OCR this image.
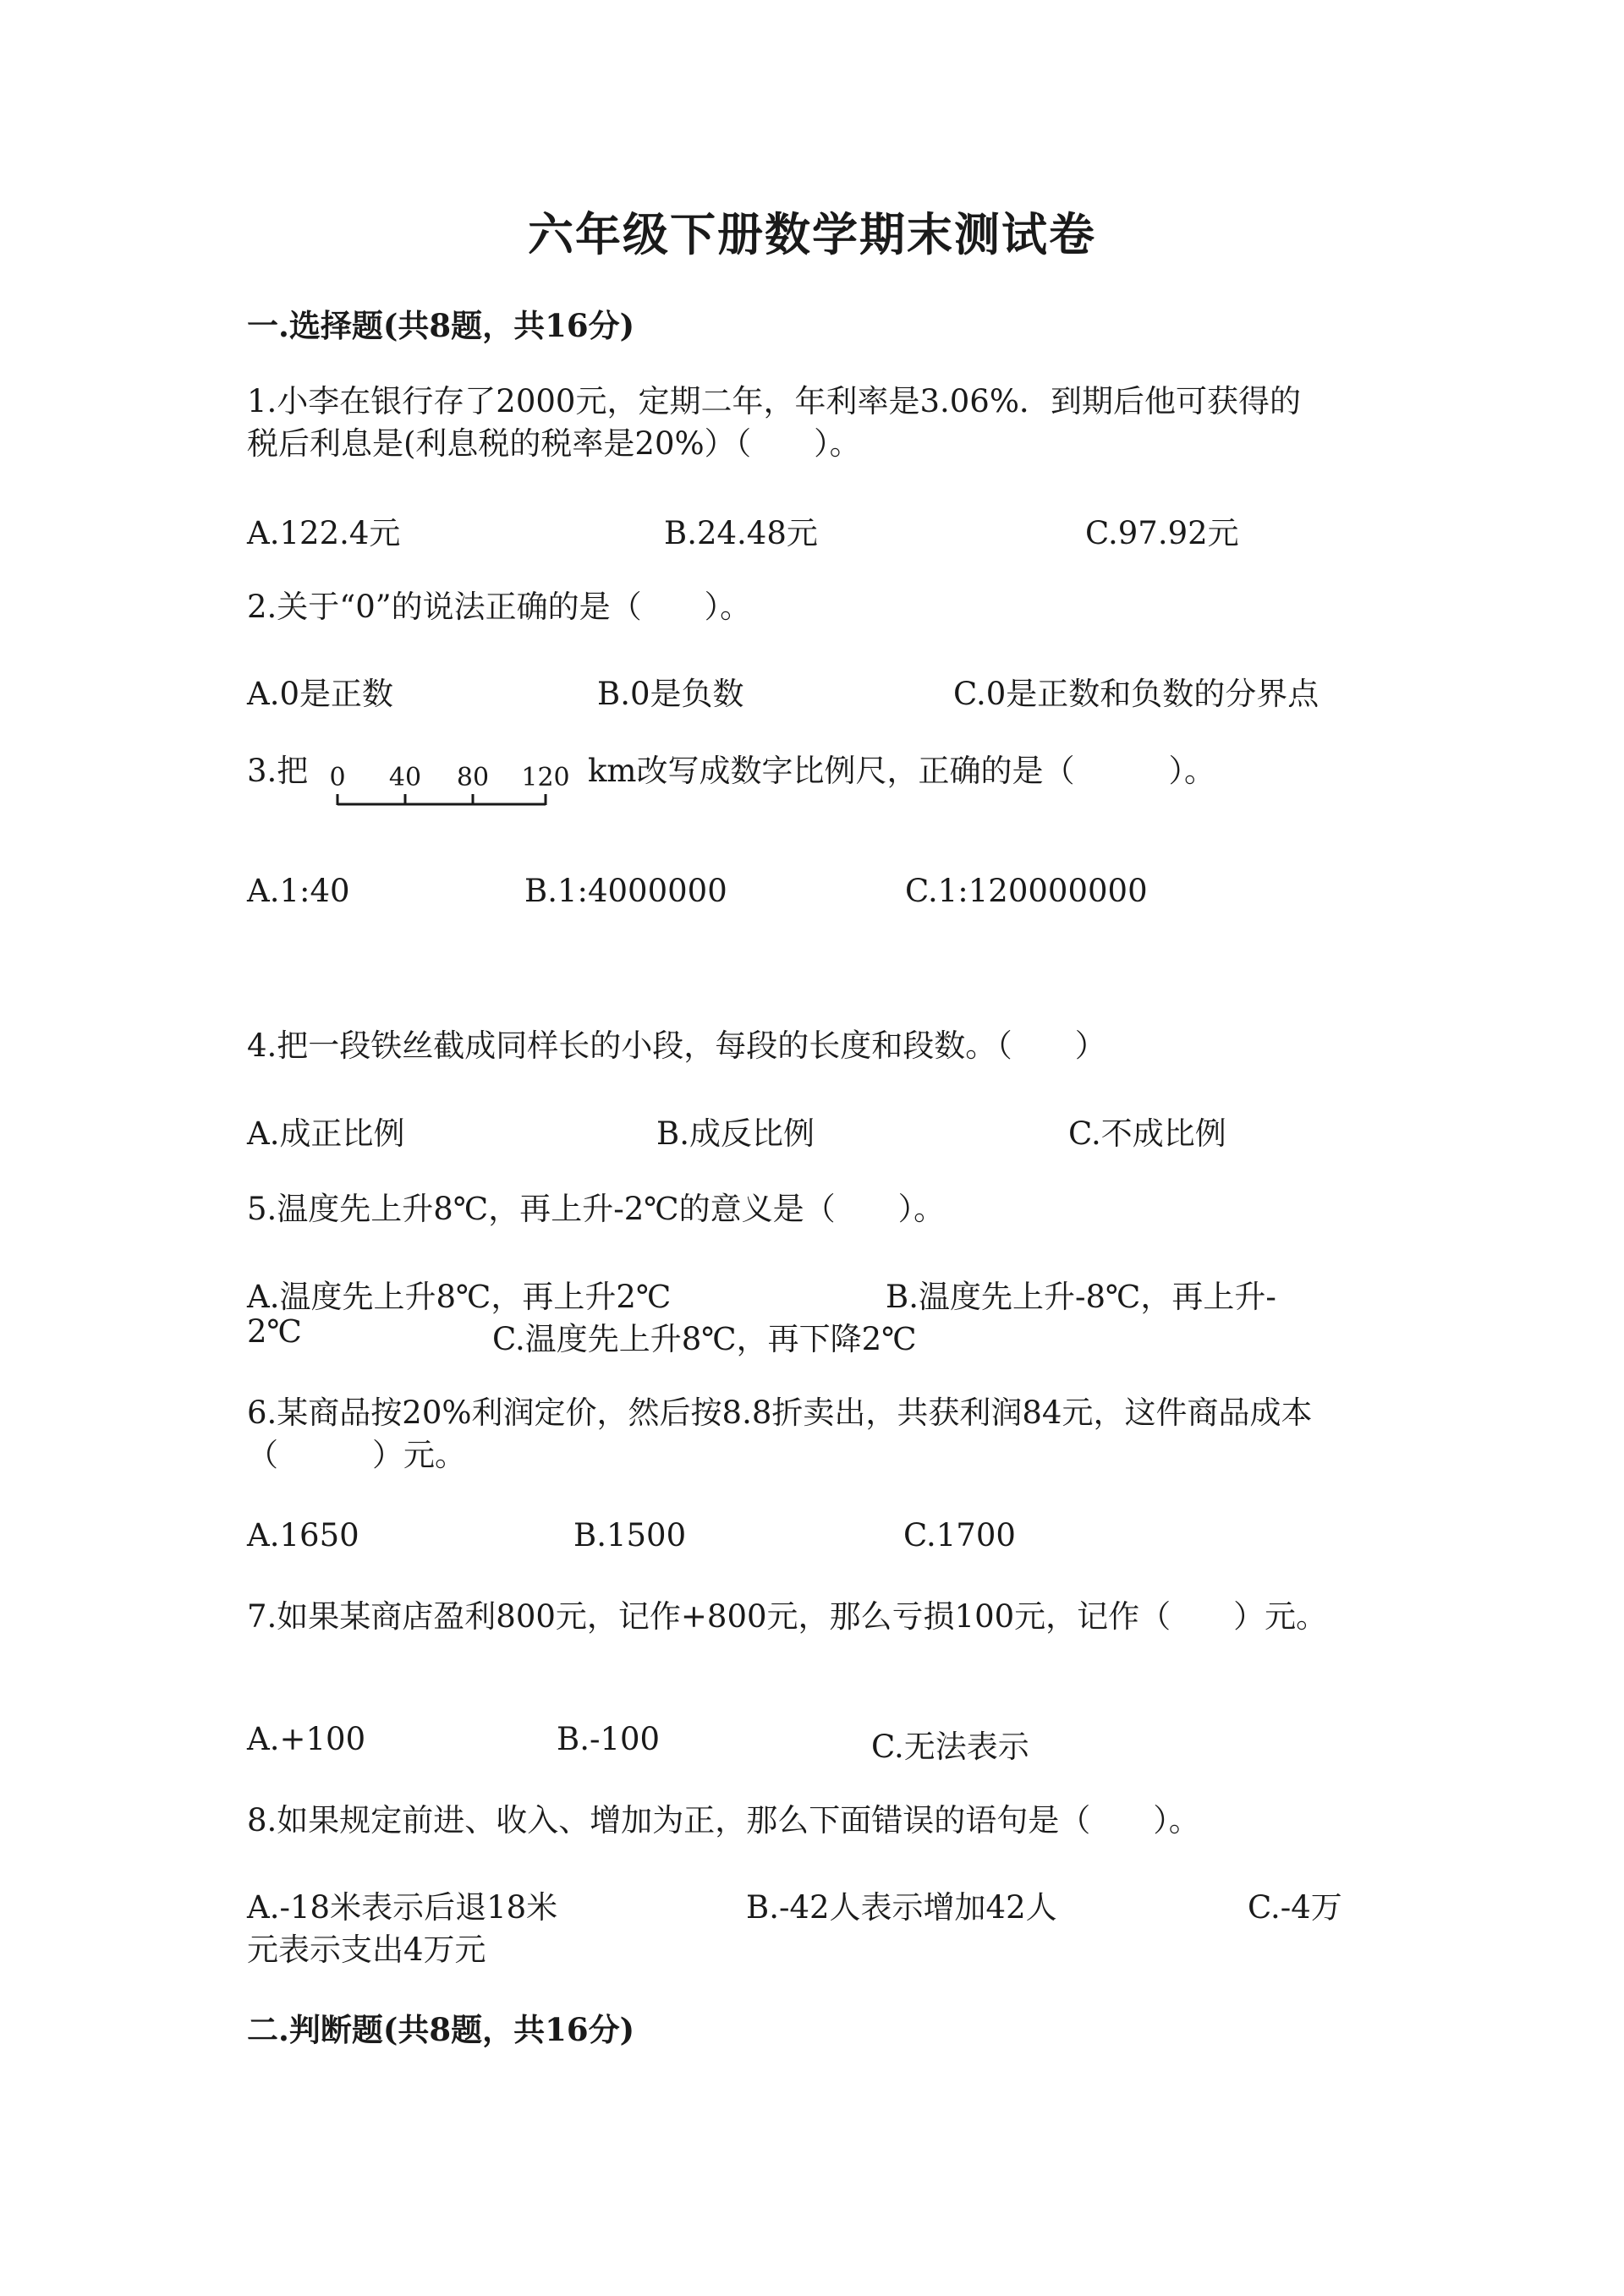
六年级下册数学期末测试卷
一.选择题(共8题，共16分)
1.小李在银行存了2000元，定期二年，年利率是3.06%．到期后他可获得的
税后利息是(利息税的税率是20%）（　　）。
A.122.4元	B.24.48元	C.97.92元
2.关于“0”的说法正确的是（　　）。
A.0是正数	B.0是负数	C.0是正数和负数的分界点
3.把 0 40 80 120 km改写成数字比例尺，正确的是（　　　）。
A.1:40	B.1:4000000	C.1:120000000
4.把一段铁丝截成同样长的小段，每段的长度和段数。（　　）
A.成正比例	B.成反比例	C.不成比例
5.温度先上升8℃，再上升-2℃的意义是（　　）。
A.温度先上升8℃，再上升2℃	B.温度先上升-8℃，再上升-
2℃	C.温度先上升8℃，再下降2℃
6.某商品按20%利润定价，然后按8.8折卖出，共获利润84元，这件商品成本
（　　　）元。
A.1650	B.1500	C.1700
7.如果某商店盈利800元，记作+800元，那么亏损100元，记作（　　）元。
A.+100	B.-100	C.无法表示
8.如果规定前进、收入、增加为正，那么下面错误的语句是（　　）。
A.-18米表示后退18米	B.-42人表示增加42人	C.-4万
元表示支出4万元
二.判断题(共8题，共16分)
